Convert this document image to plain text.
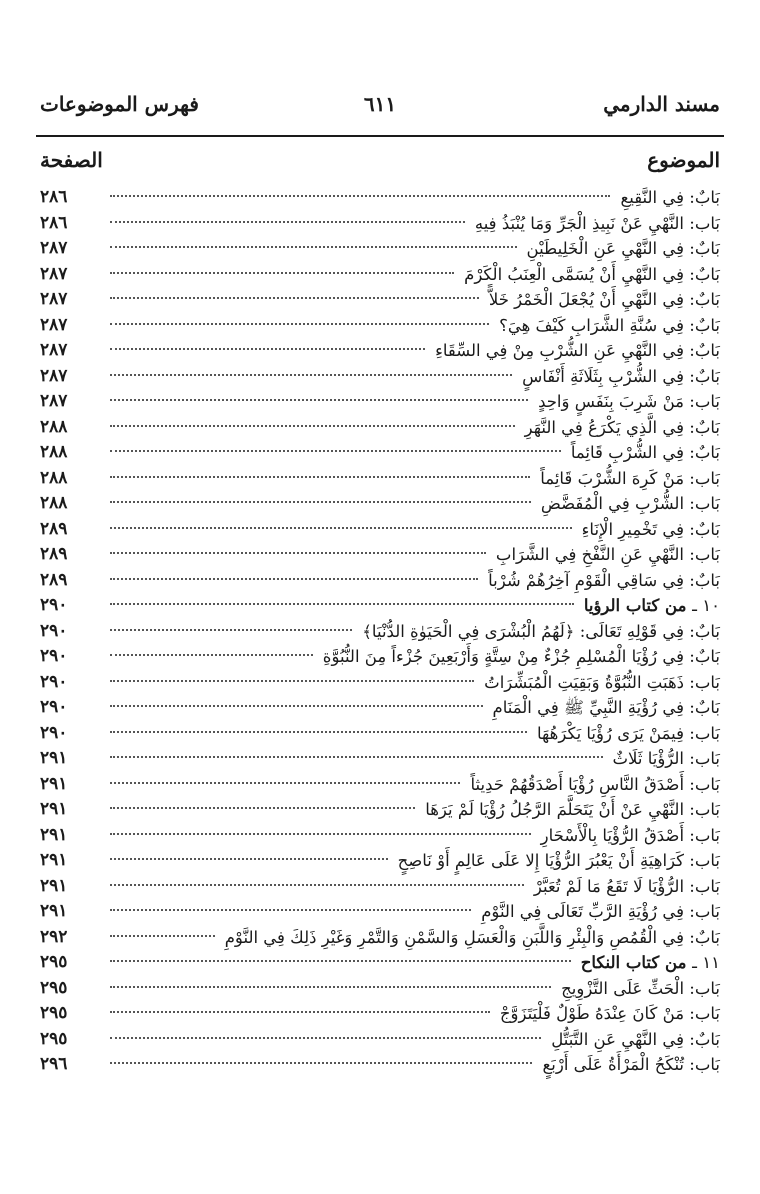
مسند الدارمي
٦١١
فهرس الموضوعات
الموضوع
الصفحة
بَابٌ: فِي النَّقِيعِ
٢٨٦
بَاب: النَّهْيِ عَنْ نَبِيذِ الْجَرِّ وَمَا يُنْبَذُ فِيهِ
٢٨٦
بَابٌ: فِي النَّهْيِ عَنِ الْخَلِيطَيْنِ
٢٨٧
بَابٌ: فِي النَّهْيِ أَنْ يُسَمَّى الْعِنَبُ الْكَرْمَ
٢٨٧
بَابٌ: فِي النَّهْيِ أَنْ يُجْعَلَ الْخَمْرُ خَلاًّ
٢٨٧
بَابٌ: فِي سُنَّةِ الشَّرَابِ كَيْفَ هِيَ؟
٢٨٧
بَابٌ: فِي النَّهْيِ عَنِ الشُّرْبِ مِنْ فِي السِّقَاءِ
٢٨٧
بَابٌ: فِي الشُّرْبِ بِثَلَاثَةِ أَنْفَاسٍ
٢٨٧
بَاب: مَنْ شَرِبَ بِنَفَسٍ وَاحِدٍ
٢٨٧
بَابٌ: فِي الَّذِي يَكْرَعُ فِي النَّهَرِ
٢٨٨
بَابٌ: فِي الشُّرْبِ قَائِماً
٢٨٨
بَاب: مَنْ كَرِهَ الشُّرْبَ قَائِماً
٢٨٨
بَاب: الشُّرْبِ فِي الْمُفَضَّضِ
٢٨٨
بَابٌ: فِي تَخْمِيرِ الْإِنَاءِ
٢٨٩
بَاب: النَّهْيِ عَنِ النَّفْخِ فِي الشَّرَابِ
٢٨٩
بَابٌ: فِي سَاقِي الْقَوْمِ آخِرُهُمْ شُرْباً
٢٨٩
١٠ ـ من كتاب الرؤيا
٢٩٠
بَابٌ: فِي قَوْلِهِ تَعَالَى: ﴿لَهُمُ الْبُشْرَى فِي الْحَيَوٰةِ الدُّنْيَا﴾
٢٩٠
بَابٌ: فِي رُؤْيَا الْمُسْلِمِ جُزْءٌ مِنْ سِتَّةٍ وَأَرْبَعِينَ جُزْءاً مِنَ النُّبُوَّةِ
٢٩٠
بَاب: ذَهَبَتِ النُّبُوَّةُ وَبَقِيَتِ الْمُبَشِّرَاتُ
٢٩٠
بَابٌ: فِي رُؤْيَةِ النَّبِيِّ ﷺ فِي الْمَنَامِ
٢٩٠
بَاب: فِيمَنْ يَرَى رُؤْيَا يَكْرَهُهَا
٢٩٠
بَاب: الرُّؤْيَا ثَلَاثٌ
٢٩١
بَاب: أَصْدَقُ النَّاسِ رُؤْيَا أَصْدَقُهُمْ حَدِيثاً
٢٩١
بَاب: النَّهْيِ عَنْ أَنْ يَتَحَلَّمَ الرَّجُلُ رُؤْيَا لَمْ يَرَهَا
٢٩١
بَاب: أَصْدَقُ الرُّؤْيَا بِالْأَسْحَارِ
٢٩١
بَاب: كَرَاهِيَةِ أَنْ يَعْبُرَ الرُّؤْيَا إِلا عَلَى عَالِمٍ أَوْ نَاصِحٍ
٢٩١
بَاب: الرُّؤْيَا لَا تَقَعُ مَا لَمْ تُعَبَّرْ
٢٩١
بَاب: فِي رُؤْيَةِ الرَّبِّ تَعَالَى فِي النَّوْمِ
٢٩١
بَابٌ: فِي الْقُمُصِ وَالْبِئْرِ وَاللَّبَنِ وَالْعَسَلِ وَالسَّمْنِ وَالتَّمْرِ وَغَيْرِ ذَلِكَ فِي النَّوْمِ
٢٩٢
١١ ـ من كتاب النكاح
٢٩٥
بَاب: الْحَثِّ عَلَى التَّزْوِيجِ
٢٩٥
بَاب: مَنْ كَانَ عِنْدَهُ طَوْلٌ فَلْيَتَزَوَّجْ
٢٩٥
بَابٌ: فِي النَّهْيِ عَنِ التَّبَتُّلِ
٢٩٥
بَاب: تُنْكَحُ الْمَرْأَةُ عَلَى أَرْبَعٍ
٢٩٦
